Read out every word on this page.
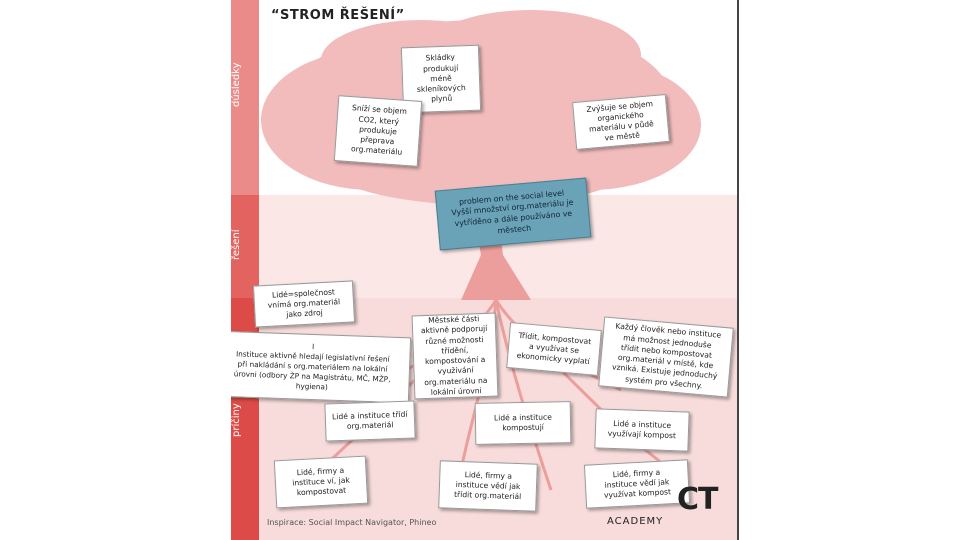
dúsledky
řešení
príčiny
“STROM ŘEŠENÍ”
Skládky
produkují
méně
skleníkových
plynů
Sníží se objem
CO2, který
produkuje
přeprava
org.materiálu
Zvýšuje se objem
organického
materiálu v půdě
ve městě
problem on the social level
Vyšší množství org.materiálu je
vytříděno a dále používáno ve
městech
Lidé=společnost
vnímá org.materiál
jako zdroj
I
Instituce aktivně hledají legislativní řešení
při nakládání s org.materiálem na lokální
úrovni (odbory ŽP na Magistrátu, MČ, MŽP,
hygiena)
Městské části
aktivně podporují
různé možnosti
třídění,
kompostování a
využívání
org.materiálu na
lokální úrovni
Třídit, kompostovat
a využívat se
ekonomicky vyplatí
Každý člověk nebo instituce
má možnost jednoduše
třídit nebo kompostovat
org.materiál v místě, kde
vzniká. Existuje jednoduchý
systém pro všechny.
Lidé a instituce třídí
org.materiál
Lidé a instituce
kompostují	Lidé a instituce
využívají kompost
Lidé, firmy a
instituce ví, jak
kompostovat
Lidé, firmy a
instituce vědí jak
třídit org.materiál
Lidé, firmy a
instituce vědí jak
využívat kompost
Inspirace: Social Impact Navigator, Phineo
CT
ACADEMY
